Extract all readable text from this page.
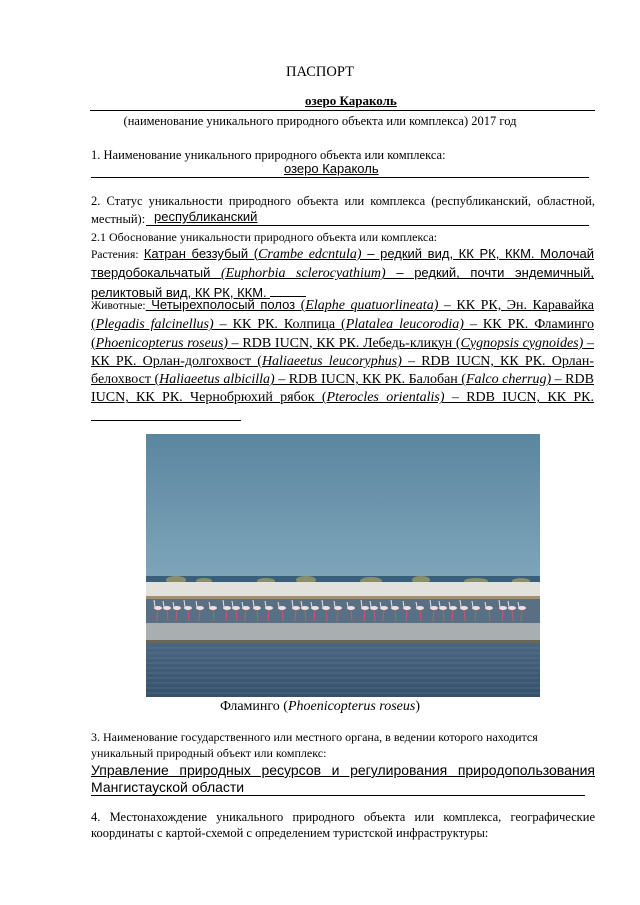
ПАСПОРТ
озеро Караколь
(наименование уникального природного объекта или комплекса) 2017 год
1. Наименование уникального природного объекта или комплекса:
озеро Караколь
2. Статус уникальности природного объекта или комплекса (республиканский, областной,
местный): республиканский
2.1 Обоснование уникальности природного объекта или комплекса:
Растения: Катран беззубый (Crambe edcntula) – редкий вид, КК РК, ККМ. Молочай твердобокальчатый (Euphorbia sclerocyathium) – редкий, почти эндемичный, реликтовый вид, КК РК, ККМ.
Животные: Четырехполосый полоз (Elaphe quatuorlineata) – КК РК, Эн. Каравайка (Plegadis falcinellus) – КК РК. Колпица (Platalea leucorodia) – КК РК. Фламинго (Phoenicopterus roseus) – RDB IUCN, КК РК. Лебедь-кликун (Cygnopsis cygnoides) – КК РК. Орлан-долгохвост (Haliaeetus leucoryphus) – RDB IUCN, КК РК. Орлан-белохвост (Haliaeetus albicilla) – RDB IUCN, КК РК. Балобан (Falco cherrug) – RDB IUCN, КК РК. Чернобрюхий рябок (Pterocles orientalis) – RDB IUCN, КК РК.
Фламинго (Phoenicopterus roseus)
3. Наименование государственного или местного органа, в ведении которого находится
уникальный природный объект или комплекс:
Управление природных ресурсов и регулирования природопользования
Мангистауской области
4. Местонахождение уникального природного объекта или комплекса, географические
координаты с картой-схемой с определением туристской инфраструктуры:
